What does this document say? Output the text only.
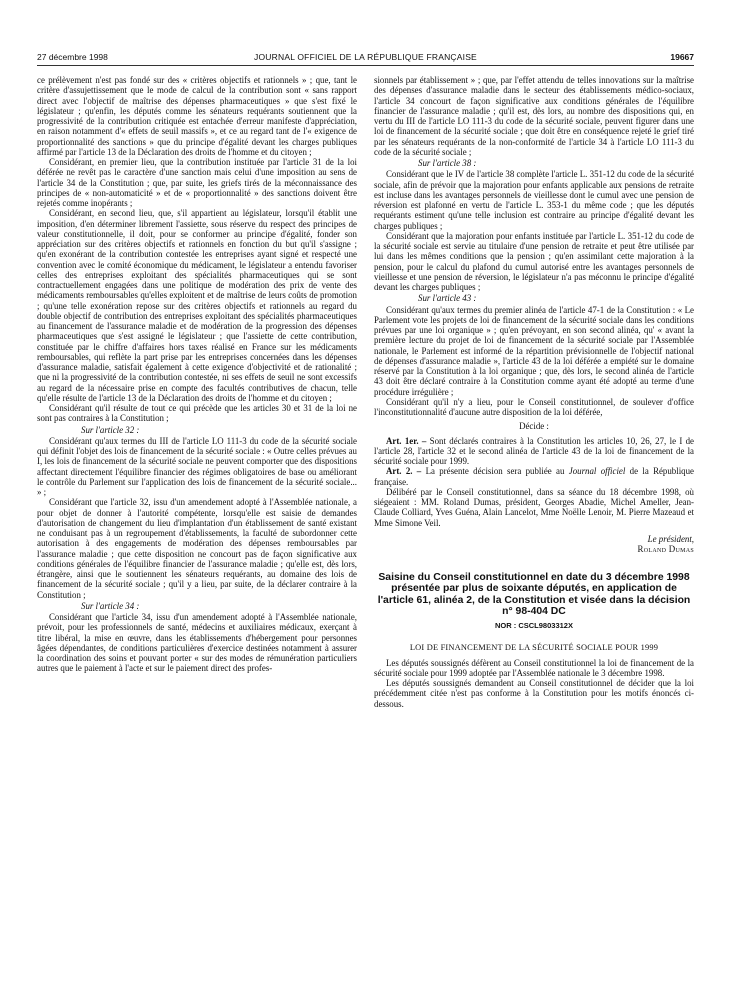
27 décembre 1998	JOURNAL OFFICIEL DE LA RÉPUBLIQUE FRANÇAISE	19667

ce prélèvement n'est pas fondé sur des « critères objectifs et rationnels » ; que, tant le critère d'assujettissement que le mode de calcul de la contribution sont « sans rapport direct avec l'objectif de maîtrise des dépenses pharmaceutiques » que s'est fixé le législateur ; qu'enfin, les députés comme les sénateurs requérants soutiennent que la progressivité de la contribution critiquée est entachée d'erreur manifeste d'appréciation, en raison notamment d'« effets de seuil massifs », et ce au regard tant de l'« exigence de proportionnalité des sanctions » que du principe d'égalité devant les charges publiques affirmé par l'article 13 de la Déclaration des droits de l'homme et du citoyen ;

Considérant, en premier lieu, que la contribution instituée par l'article 31 de la loi déférée ne revêt pas le caractère d'une sanction mais celui d'une imposition au sens de l'article 34 de la Constitution ; que, par suite, les griefs tirés de la méconnaissance des principes de « non-automaticité » et de « proportionnalité » des sanctions doivent être rejetés comme inopérants ;

Considérant, en second lieu, que, s'il appartient au législateur, lorsqu'il établit une imposition, d'en déterminer librement l'assiette, sous réserve du respect des principes de valeur constitutionnelle, il doit, pour se conformer au principe d'égalité, fonder son appréciation sur des critères objectifs et rationnels en fonction du but qu'il s'assigne ; qu'en exonérant de la contribution contestée les entreprises ayant signé et respecté une convention avec le comité économique du médicament, le législateur a entendu favoriser celles des entreprises exploitant des spécialités pharmaceutiques qui se sont contractuellement engagées dans une politique de modération des prix de vente des médicaments remboursables qu'elles exploitent et de maîtrise de leurs coûts de promotion ; qu'une telle exonération repose sur des critères objectifs et rationnels au regard du double objectif de contribution des entreprises exploitant des spécialités pharmaceutiques au financement de l'assurance maladie et de modération de la progression des dépenses pharmaceutiques que s'est assigné le législateur ; que l'assiette de cette contribution, constituée par le chiffre d'affaires hors taxes réalisé en France sur les médicaments remboursables, qui reflète la part prise par les entreprises concernées dans les dépenses d'assurance maladie, satisfait également à cette exigence d'objectivité et de rationalité ; que ni la progressivité de la contribution contestée, ni ses effets de seuil ne sont excessifs au regard de la nécessaire prise en compte des facultés contributives de chacun, telle qu'elle résulte de l'article 13 de la Déclaration des droits de l'homme et du citoyen ;

Considérant qu'il résulte de tout ce qui précède que les articles 30 et 31 de la loi ne sont pas contraires à la Constitution ;

Sur l'article 32 :

Considérant qu'aux termes du III de l'article LO 111-3 du code de la sécurité sociale qui définit l'objet des lois de financement de la sécurité sociale : « Outre celles prévues au I, les lois de financement de la sécurité sociale ne peuvent comporter que des dispositions affectant directement l'équilibre financier des régimes obligatoires de base ou améliorant le contrôle du Parlement sur l'application des lois de financement de la sécurité sociale... » ;

Considérant que l'article 32, issu d'un amendement adopté à l'Assemblée nationale, a pour objet de donner à l'autorité compétente, lorsqu'elle est saisie de demandes d'autorisation de changement du lieu d'implantation d'un établissement de santé existant ne conduisant pas à un regroupement d'établissements, la faculté de subordonner cette autorisation à des engagements de modération des dépenses remboursables par l'assurance maladie ; que cette disposition ne concourt pas de façon significative aux conditions générales de l'équilibre financier de l'assurance maladie ; qu'elle est, dès lors, étrangère, ainsi que le soutiennent les sénateurs requérants, au domaine des lois de financement de la sécurité sociale ; qu'il y a lieu, par suite, de la déclarer contraire à la Constitution ;

Sur l'article 34 :

Considérant que l'article 34, issu d'un amendement adopté à l'Assemblée nationale, prévoit, pour les professionnels de santé, médecins et auxiliaires médicaux, exerçant à titre libéral, la mise en œuvre, dans les établissements d'hébergement pour personnes âgées dépendantes, de conditions particulières d'exercice destinées notamment à assurer la coordination des soins et pouvant porter « sur des modes de rémunération particuliers autres que le paiement à l'acte et sur le paiement direct des profes-

sionnels par établissement » ; que, par l'effet attendu de telles innovations sur la maîtrise des dépenses d'assurance maladie dans le secteur des établissements médico-sociaux, l'article 34 concourt de façon significative aux conditions générales de l'équilibre financier de l'assurance maladie ; qu'il est, dès lors, au nombre des dispositions qui, en vertu du III de l'article LO 111-3 du code de la sécurité sociale, peuvent figurer dans une loi de financement de la sécurité sociale ; que doit être en conséquence rejeté le grief tiré par les sénateurs requérants de la non-conformité de l'article 34 à l'article LO 111-3 du code de la sécurité sociale ;

Sur l'article 38 :

Considérant que le IV de l'article 38 complète l'article L. 351-12 du code de la sécurité sociale, afin de prévoir que la majoration pour enfants applicable aux pensions de retraite est incluse dans les avantages personnels de vieillesse dont le cumul avec une pension de réversion est plafonné en vertu de l'article L. 353-1 du même code ; que les députés requérants estiment qu'une telle inclusion est contraire au principe d'égalité devant les charges publiques ;

Considérant que la majoration pour enfants instituée par l'article L. 351-12 du code de la sécurité sociale est servie au titulaire d'une pension de retraite et peut être utilisée par lui dans les mêmes conditions que la pension ; qu'en assimilant cette majoration à la pension, pour le calcul du plafond du cumul autorisé entre les avantages personnels de vieillesse et une pension de réversion, le législateur n'a pas méconnu le principe d'égalité devant les charges publiques ;

Sur l'article 43 :

Considérant qu'aux termes du premier alinéa de l'article 47-1 de la Constitution : « Le Parlement vote les projets de loi de financement de la sécurité sociale dans les conditions prévues par une loi organique » ; qu'en prévoyant, en son second alinéa, qu' « avant la première lecture du projet de loi de financement de la sécurité sociale par l'Assemblée nationale, le Parlement est informé de la répartition prévisionnelle de l'objectif national de dépenses d'assurance maladie », l'article 43 de la loi déférée a empiété sur le domaine réservé par la Constitution à la loi organique ; que, dès lors, le second alinéa de l'article 43 doit être déclaré contraire à la Constitution comme ayant été adopté au terme d'une procédure irrégulière ;

Considérant qu'il n'y a lieu, pour le Conseil constitutionnel, de soulever d'office l'inconstitutionnalité d'aucune autre disposition de la loi déférée,

Décide :

Art. 1er. – Sont déclarés contraires à la Constitution les articles 10, 26, 27, le I de l'article 28, l'article 32 et le second alinéa de l'article 43 de la loi de financement de la sécurité sociale pour 1999.

Art. 2. – La présente décision sera publiée au Journal officiel de la République française.

Délibéré par le Conseil constitutionnel, dans sa séance du 18 décembre 1998, où siégeaient : MM. Roland Dumas, président, Georges Abadie, Michel Ameller, Jean-Claude Colliard, Yves Guéna, Alain Lancelot, Mme Noëlle Lenoir, M. Pierre Mazeaud et Mme Simone Veil.

Le président,
Roland Dumas
Saisine du Conseil constitutionnel en date du 3 décembre 1998 présentée par plus de soixante députés, en application de l'article 61, alinéa 2, de la Constitution et visée dans la décision n° 98-404 DC
NOR : CSCL9803312X
LOI DE FINANCEMENT DE LA SÉCURITÉ SOCIALE POUR 1999

Les députés soussignés défèrent au Conseil constitutionnel la loi de financement de la sécurité sociale pour 1999 adoptée par l'Assemblée nationale le 3 décembre 1998.

Les députés soussignés demandent au Conseil constitutionnel de décider que la loi précédemment citée n'est pas conforme à la Constitution pour les motifs énoncés ci-dessous.
